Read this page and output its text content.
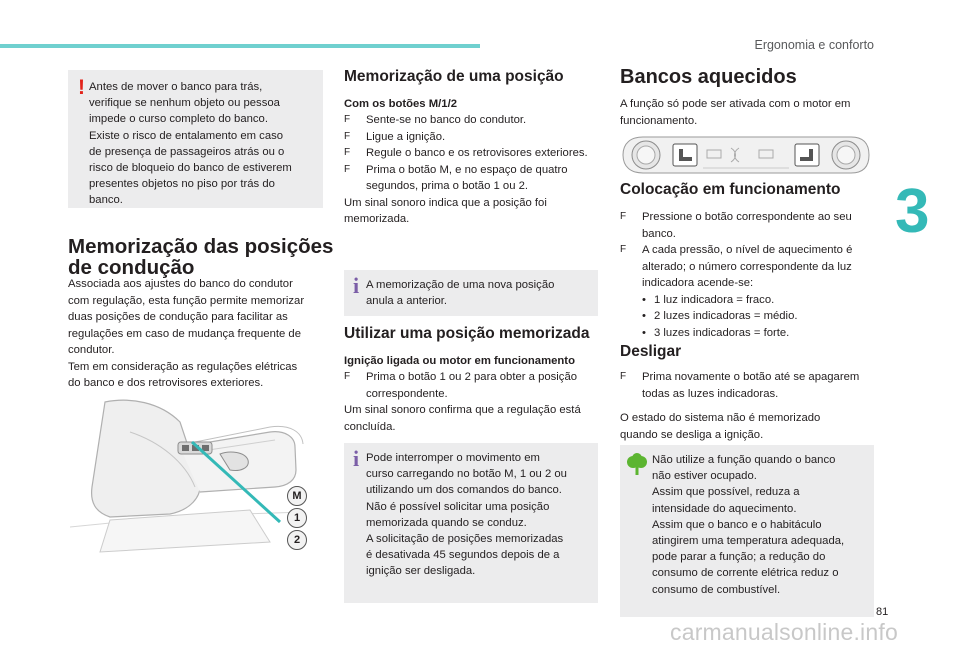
Ergonomia e conforto
3
81
carmanualsonline.info
! Antes de mover o banco para trás,
verifique se nenhum objeto ou pessoa
impede o curso completo do banco.
Existe o risco de entalamento em caso
de presença de passageiros atrás ou o
risco de bloqueio do banco de estiverem
presentes objetos no piso por trás do
banco.
Memorização das posições
de condução
Associada aos ajustes do banco do condutor
com regulação, esta função permite memorizar
duas posições de condução para facilitar as
regulações em caso de mudança frequente de
condutor.
Tem em consideração as regulações elétricas
do banco e dos retrovisores exteriores.
M
1
2
Memorização de uma posição
Com os botões M/1/2
F Sente-se no banco do condutor.
F Ligue a ignição.
F Regule o banco e os retrovisores exteriores.
F Prima o botão M, e no espaço de quatro
segundos, prima o botão 1 ou 2.
Um sinal sonoro indica que a posição foi
memorizada.
i A memorização de uma nova posição
anula a anterior.
Utilizar uma posição memorizada
Ignição ligada ou motor em funcionamento
F Prima o botão 1 ou 2 para obter a posição
correspondente.
Um sinal sonoro confirma que a regulação está
concluída.
i Pode interromper o movimento em
curso carregando no botão M, 1 ou 2 ou
utilizando um dos comandos do banco.
Não é possível solicitar uma posição
memorizada quando se conduz.
A solicitação de posições memorizadas
é desativada 45 segundos depois de a
ignição ser desligada.
Bancos aquecidos
A função só pode ser ativada com o motor em
funcionamento.
Colocação em funcionamento
F Pressione o botão correspondente ao seu
banco.
F A cada pressão, o nível de aquecimento é
alterado; o número correspondente da luz
indicadora acende-se:
• 1 luz indicadora = fraco.
• 2 luzes indicadoras = médio.
• 3 luzes indicadoras = forte.
Desligar
F Prima novamente o botão até se apagarem
todas as luzes indicadoras.
O estado do sistema não é memorizado
quando se desliga a ignição.
Não utilize a função quando o banco
não estiver ocupado.
Assim que possível, reduza a
intensidade do aquecimento.
Assim que o banco e o habitáculo
atingirem uma temperatura adequada,
pode parar a função; a redução do
consumo de corrente elétrica reduz o
consumo de combustível.
